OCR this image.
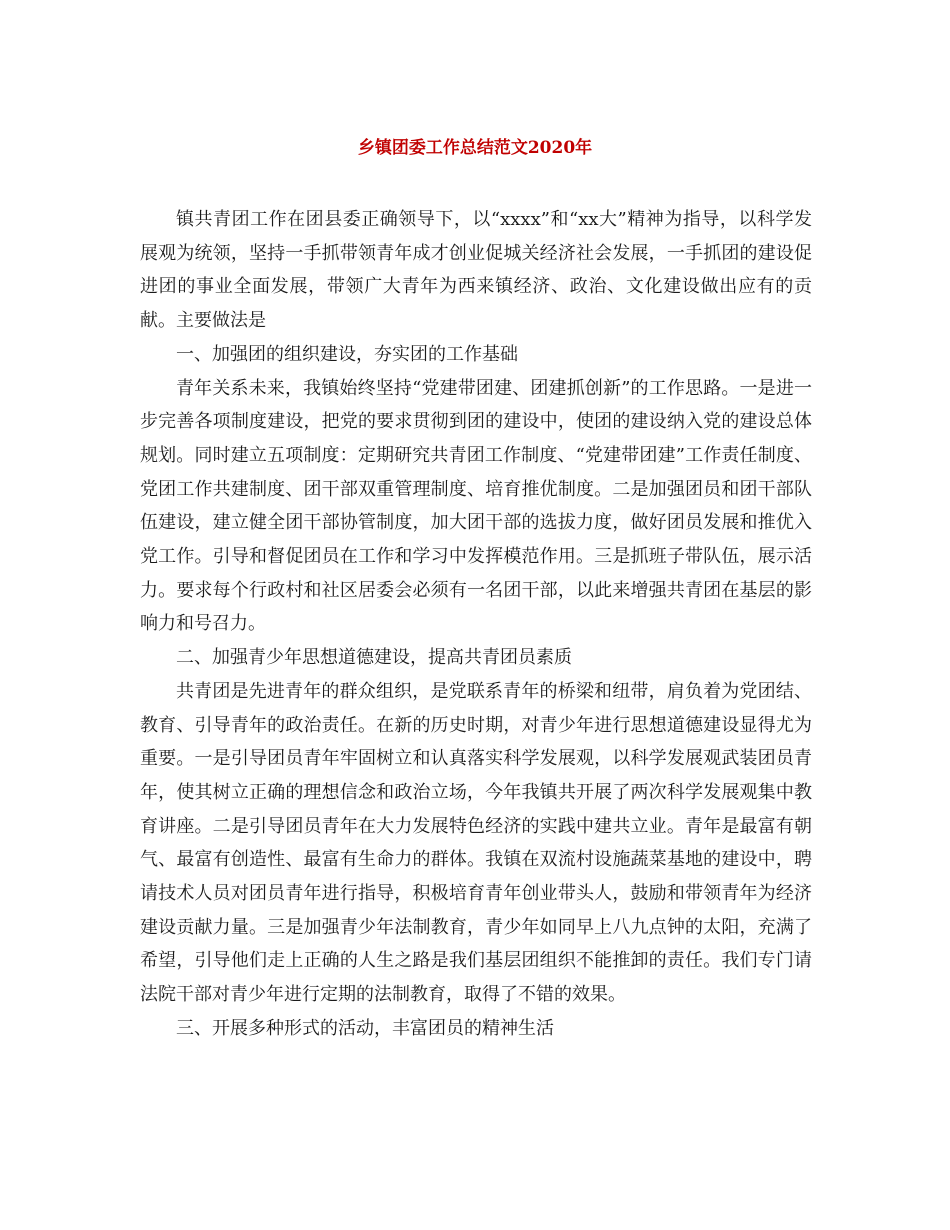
乡镇团委工作总结范文2020年

镇共青团工作在团县委正确领导下，以“xxxx”和“xx大”精神为指导，以科学发展观为统领，坚持一手抓带领青年成才创业促城关经济社会发展，一手抓团的建设促进团的事业全面发展，带领广大青年为西来镇经济、政治、文化建设做出应有的贡献。主要做法是

一、加强团的组织建设，夯实团的工作基础

青年关系未来，我镇始终坚持“党建带团建、团建抓创新”的工作思路。一是进一步完善各项制度建设，把党的要求贯彻到团的建设中，使团的建设纳入党的建设总体规划。同时建立五项制度：定期研究共青团工作制度、“党建带团建”工作责任制度、党团工作共建制度、团干部双重管理制度、培育推优制度。二是加强团员和团干部队伍建设，建立健全团干部协管制度，加大团干部的选拔力度，做好团员发展和推优入党工作。引导和督促团员在工作和学习中发挥模范作用。三是抓班子带队伍，展示活力。要求每个行政村和社区居委会必须有一名团干部，以此来增强共青团在基层的影响力和号召力。

二、加强青少年思想道德建设，提高共青团员素质

共青团是先进青年的群众组织，是党联系青年的桥梁和纽带，肩负着为党团结、教育、引导青年的政治责任。在新的历史时期，对青少年进行思想道德建设显得尤为重要。一是引导团员青年牢固树立和认真落实科学发展观，以科学发展观武装团员青年，使其树立正确的理想信念和政治立场，今年我镇共开展了两次科学发展观集中教育讲座。二是引导团员青年在大力发展特色经济的实践中建共立业。青年是最富有朝气、最富有创造性、最富有生命力的群体。我镇在双流村设施蔬菜基地的建设中，聘请技术人员对团员青年进行指导，积极培育青年创业带头人，鼓励和带领青年为经济建设贡献力量。三是加强青少年法制教育，青少年如同早上八九点钟的太阳，充满了希望，引导他们走上正确的人生之路是我们基层团组织不能推卸的责任。我们专门请法院干部对青少年进行定期的法制教育，取得了不错的效果。

三、开展多种形式的活动，丰富团员的精神生活
